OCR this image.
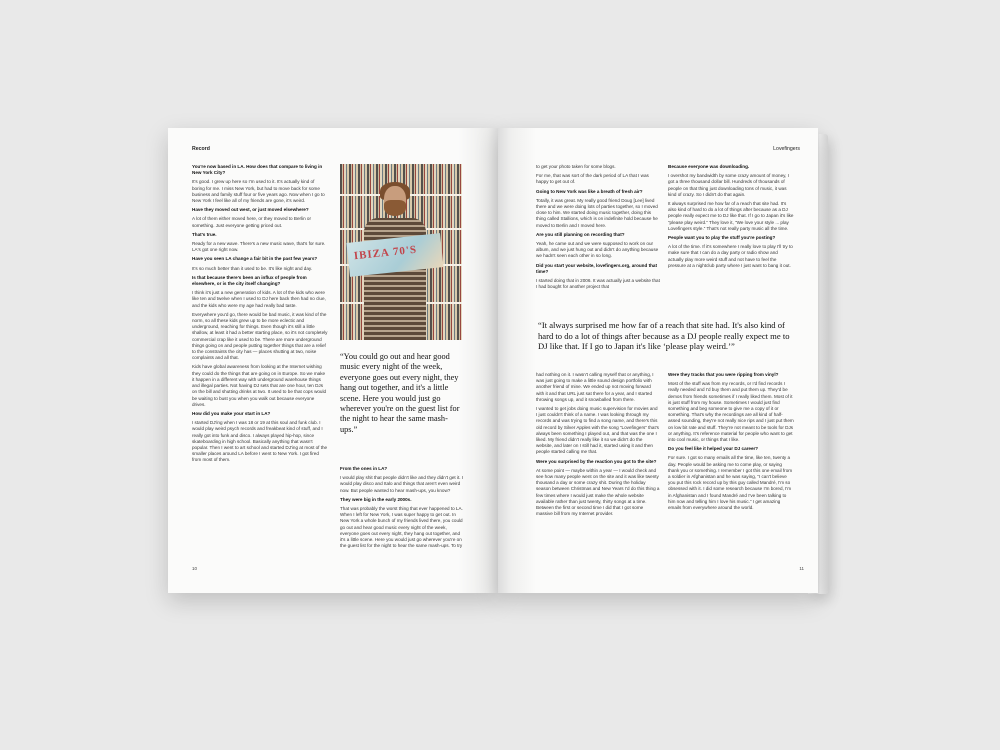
Record

You're now based in LA. How does that compare to living in New York City?

It's good. I grew up here so I'm used to it. It's actually kind of boring for me. I miss New York, but had to move back for some business and family stuff four or five years ago. Now when I go to New York I feel like all of my friends are gone, it's weird.

Have they moved out west, or just moved elsewhere?

A lot of them either moved here, or they moved to Berlin or something. Just everyone getting priced out.

That's true.

Ready for a new wave. There's a new music wave, that's for sure. LA's got one right now.

Have you seen LA change a fair bit in the past few years?

It's so much better than it used to be. It's like night and day.

Is that because there's been an influx of people from elsewhere, or is the city itself changing?

I think it's just a new generation of kids. A lot of the kids who were like ten and twelve when I used to DJ here back then had no clue, and the kids who were my age had really bad taste.

Everywhere you'd go, there would be bad music, it was kind of the norm, so all these kids grew up to be more eclectic and underground, reaching for things. Even though it's still a little shallow, at least it had a better starting place, so it's not completely commercial crap like it used to be. There are more underground things going on and people putting together things that are a relief to the constraints the city has — places shutting at two, noise complaints and all that.

Kids have global awareness from looking at the Internet wishing they could do the things that are going on in Europe. So we make it happen in a different way with underground warehouse things and illegal parties. Not having DJ sets that are one hour, ten DJs on the bill and shutting drinks at two. It used to be that cops would be waiting to bust you when you walk out because everyone drives.

How did you make your start in LA?

I started DJ'ing when I was 18 or 19 at this soul and funk club. I would play weird psych records and freakbeat kind of stuff, and I really got into funk and disco. I always played hip-hop, since skateboarding in high school. Basically anything that wasn't popular. Then I went to art school and started DJ'ing at most of the smaller places around LA before I went to New York. I got fired from most of them.

IBIZA 70'S
“You could go out and hear good music every night of the week, everyone goes out every night, they hang out together, and it's a little scene. Here you would just go wherever you're on the guest list for the night to hear the same mash-ups.”

From the ones in LA?

I would play shit that people didn't like and they didn't get it. I would play disco and Italo and things that aren't even weird now. But people wanted to hear mash-ups, you know?

They were big in the early 2000s.

That was probably the worst thing that ever happened to LA. When I left for New York, I was super happy to get out. In New York a whole bunch of my friends lived there, you could go out and hear good music every night of the week, everyone goes out every night, they hang out together, and it's a little scene. Here you would just go wherever you're on the guest list for the night to hear the same mash-ups. To try

10
Lovefingers

to get your photo taken for some blogs.

For me, that was sort of the dark period of LA that I was happy to get out of.

Going to New York was like a breath of fresh air?

Totally, it was great. My really good friend Doug [Lee] lived there and we were doing lots of parties together, so I moved close to him. We started doing music together, doing this thing called Stallions, which is on indefinite hold because he moved to Berlin and I moved here.

Are you still planning on recording that?

Yeah, he came out and we were supposed to work on our album, and we just hung out and didn't do anything because we hadn't seen each other in so long.

Did you start your website, lovefingers.org, around that time?

I started doing that in 2006. It was actually just a website that I had bought for another project that

Because everyone was downloading.

I overshot my bandwidth by some crazy amount of money, I got a three thousand dollar bill. Hundreds of thousands of people on that thing just downloading tons of music, it was kind of crazy. So I didn't do that again.

It always surprised me how far of a reach that site had. It's also kind of hard to do a lot of things after because as a DJ people really expect me to DJ like that. If I go to Japan it's like “please play weird.” They love it, “We love your style ... play Lovefingers style.” That's not really party music all the time.

People want you to play the stuff you're posting?

A lot of the time. If it's somewhere I really love to play I'll try to make sure that I can do a day party or radio show and actually play more weird stuff and not have to feel the pressure at a nightclub party where I just want to bang it out.

“It always surprised me how far of a reach that site had. It's also kind of hard to do a lot of things after because as a DJ people really expect me to DJ like that. If I go to Japan it's like ‘please play weird.’”

had nothing on it. I wasn't calling myself that or anything, I was just going to make a little sound design portfolio with another friend of mine. We ended up not moving forward with it and that URL just sat there for a year, and I started throwing songs up, and it snowballed from there.

I wanted to get jobs doing music supervision for movies and I just couldn't think of a name. I was looking through my records and was trying to find a song name, and there's this old record by Silver Apples with the song “Lovefingers” that's always been something I played out, and that was the one I liked. My friend didn't really like it so we didn't do the website, and later on I still had it, started using it and then people started calling me that.

Were you surprised by the reaction you got to the site?

At some point — maybe within a year — I would check and see how many people went on the site and it was like twenty thousand a day or some crazy shit. During the holiday season between Christmas and New Years I'd do this thing a few times where I would just make the whole website available rather than just twenty, thirty songs at a time. Between the first or second time I did that I got some massive bill from my Internet provider.

Were they tracks that you were ripping from vinyl?

Most of the stuff was from my records, or I'd find records I really needed and I'd buy them and put them up. They'd be demos from friends sometimes if I really liked them. Most of it is just stuff from my house. Sometimes I would just find something and beg someone to give me a copy of it or something. That's why the recordings are all kind of half-assed sounding, they're not really nice rips and I just put them on low bit rate and stuff. They're not meant to be tools for DJs or anything. It's reference material for people who want to get into cool music, or things that I like.

Do you feel like it helped your DJ career?

For sure. I got so many emails all the time, like ten, twenty a day. People would be asking me to come play, or saying thank you or something. I remember I got this one email from a soldier in Afghanistan and he was saying, “I can't believe you put this rock record up by this guy called Mandré, I'm so obsessed with it. I did some research because I'm bored, I'm in Afghanistan and I found Mandré and I've been talking to him now and telling him I love his music.” I get amazing emails from everywhere around the world.

11
